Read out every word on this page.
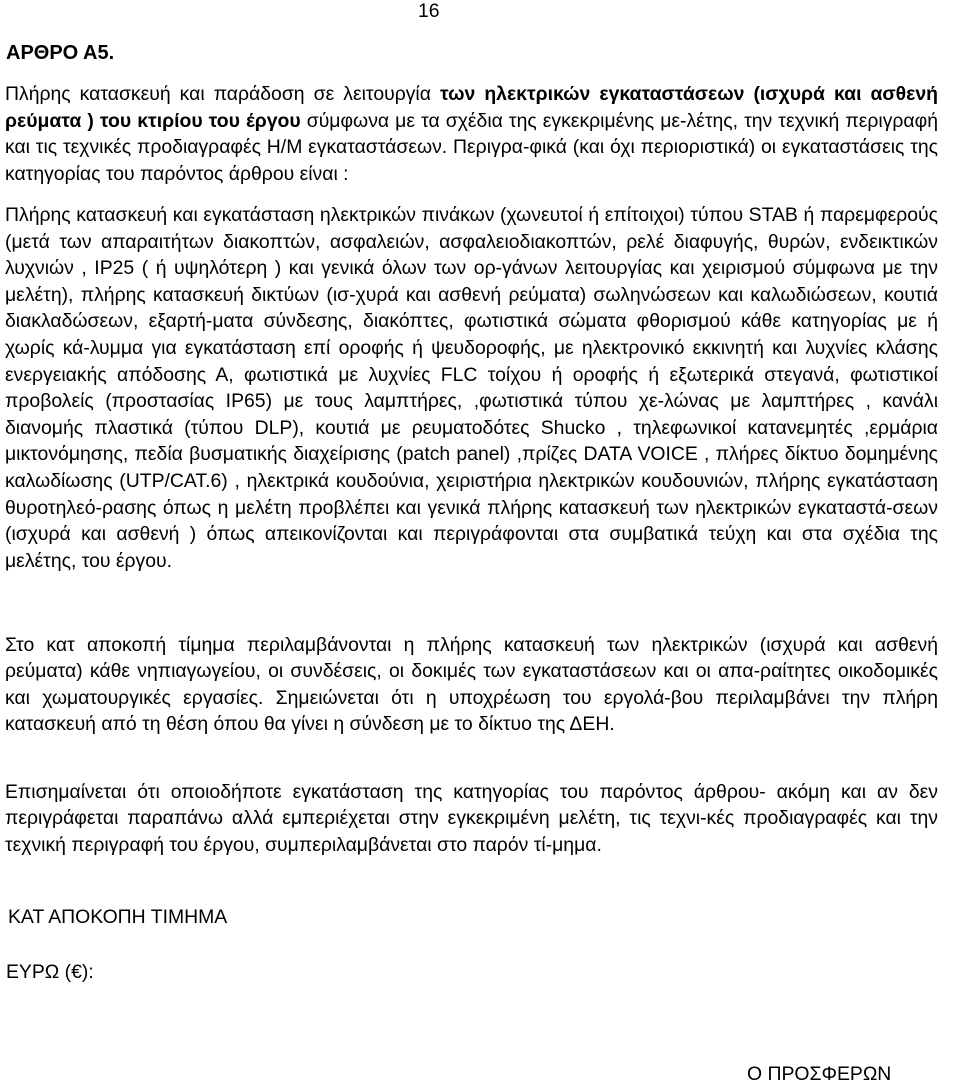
16
ΑΡΘΡΟ Α5.

Πλήρης κατασκευή και παράδοση σε λειτουργία των ηλεκτρικών εγκαταστάσεων (ισχυρά και ασθενή ρεύματα ) του κτιρίου του έργου σύμφωνα με τα σχέδια της εγκεκριμένης με-λέτης, την τεχνική περιγραφή και τις τεχνικές προδιαγραφές Η/Μ εγκαταστάσεων. Περιγρα-φικά (και όχι περιοριστικά) οι εγκαταστάσεις της κατηγορίας του παρόντος άρθρου είναι :

Πλήρης κατασκευή και εγκατάσταση ηλεκτρικών πινάκων (χωνευτοί ή επίτοιχοι) τύπου STAB ή παρεμφερούς (μετά των απαραιτήτων διακοπτών, ασφαλειών, ασφαλειοδιακοπτών, ρελέ διαφυγής, θυρών, ενδεικτικών λυχνιών , IP25 ( ή υψηλότερη ) και γενικά όλων των ορ-γάνων λειτουργίας και χειρισμού σύμφωνα με την μελέτη), πλήρης κατασκευή δικτύων (ισ-χυρά και ασθενή ρεύματα) σωληνώσεων και καλωδιώσεων, κουτιά διακλαδώσεων, εξαρτή-ματα σύνδεσης, διακόπτες, φωτιστικά σώματα φθορισμού κάθε κατηγορίας με ή χωρίς κά-λυμμα για εγκατάσταση επί οροφής ή ψευδοροφής, με ηλεκτρονικό εκκινητή και λυχνίες κλάσης ενεργειακής απόδοσης Α, φωτιστικά με λυχνίες FLC τοίχου ή οροφής ή εξωτερικά στεγανά, φωτιστικοί προβολείς (προστασίας IP65) με τους λαμπτήρες, ,φωτιστικά τύπου χε-λώνας με λαμπτήρες , κανάλι διανομής πλαστικά (τύπου DLP), κουτιά με ρευματοδότες Shucko , τηλεφωνικοί κατανεμητές ,ερμάρια μικτονόμησης, πεδία βυσματικής διαχείρισης (patch panel) ,πρίζες DATA VOICE , πλήρες δίκτυο δομημένης καλωδίωσης (UTP/CAT.6) , ηλεκτρικά κουδούνια, χειριστήρια ηλεκτρικών κουδουνιών, πλήρης εγκατάσταση θυροτηλεό-ρασης όπως η μελέτη προβλέπει και γενικά πλήρης κατασκευή των ηλεκτρικών εγκαταστά-σεων (ισχυρά και ασθενή ) όπως απεικονίζονται και περιγράφονται στα συμβατικά τεύχη και στα σχέδια της μελέτης, του έργου.

Στο κατ αποκοπή τίμημα περιλαμβάνονται η πλήρης κατασκευή των ηλεκτρικών (ισχυρά και ασθενή ρεύματα) κάθε νηπιαγωγείου, οι συνδέσεις, οι δοκιμές των εγκαταστάσεων και οι απα-ραίτητες οικοδομικές και χωματουργικές εργασίες. Σημειώνεται ότι η υποχρέωση του εργολά-βου περιλαμβάνει την πλήρη κατασκευή από τη θέση όπου θα γίνει η σύνδεση με το δίκτυο της ΔΕΗ.

Επισημαίνεται ότι οποιοδήποτε εγκατάσταση της κατηγορίας του παρόντος άρθρου- ακόμη και αν δεν περιγράφεται παραπάνω αλλά εμπεριέχεται στην εγκεκριμένη μελέτη, τις τεχνι-κές προδιαγραφές και την τεχνική περιγραφή του έργου, συμπεριλαμβάνεται στο παρόν τί-μημα.

ΚΑΤ ΑΠΟΚΟΠΗ ΤΙΜΗΜΑ
ΕΥΡΩ (€):
Ο ΠΡΟΣΦΕΡΩΝ
